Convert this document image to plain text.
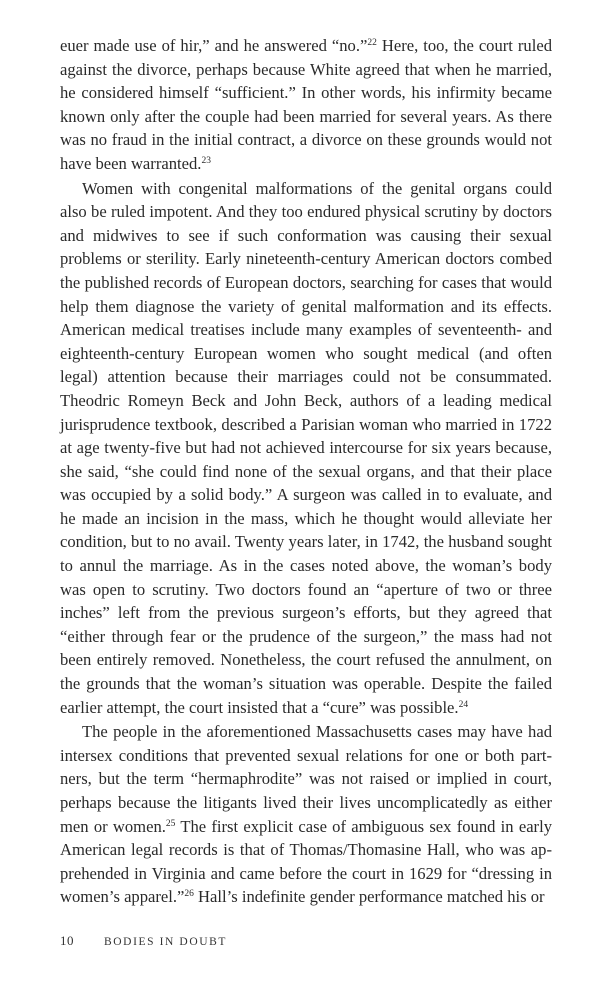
euer made use of hir,” and he answered “no.”$^{22}$ Here, too, the court ruled against the divorce, perhaps because White agreed that when he married, he considered himself “sufficient.” In other words, his infirmity became known only after the couple had been married for several years. As there was no fraud in the initial contract, a divorce on these grounds would not have been warranted.$^{23}$

Women with congenital malformations of the genital organs could also be ruled impotent. And they too endured physical scrutiny by doctors and midwives to see if such conformation was causing their sexual problems or sterility. Early nineteenth-century American doctors combed the published records of European doctors, searching for cases that would help them diagnose the variety of genital malformation and its effects. American medical treatises include many examples of seventeenth- and eighteenth-century European women who sought medical (and often legal) attention because their marriages could not be consummated. Theodric Romeyn Beck and John Beck, authors of a leading medical jurisprudence textbook, described a Parisian woman who married in 1722 at age twenty-five but had not achieved intercourse for six years because, she said, “she could find none of the sexual organs, and that their place was occupied by a solid body.” A surgeon was called in to evaluate, and he made an incision in the mass, which he thought would alleviate her condition, but to no avail. Twenty years later, in 1742, the husband sought to annul the marriage. As in the cases noted above, the woman’s body was open to scrutiny. Two doctors found an “aperture of two or three inches” left from the previous surgeon’s efforts, but they agreed that “either through fear or the prudence of the surgeon,” the mass had not been entirely removed. Nonetheless, the court refused the annulment, on the grounds that the woman’s situation was operable. Despite the failed earlier attempt, the court insisted that a “cure” was possible.$^{24}$

The people in the aforementioned Massachusetts cases may have had intersex conditions that prevented sexual relations for one or both partners, but the term “hermaphrodite” was not raised or implied in court, perhaps because the litigants lived their lives uncomplicatedly as either men or women.$^{25}$ The first explicit case of ambiguous sex found in early American legal records is that of Thomas/Thomasine Hall, who was apprehended in Virginia and came before the court in 1629 for “dressing in women’s apparel.”$^{26}$ Hall’s indefinite gender performance matched his or

10	BODIES IN DOUBT
